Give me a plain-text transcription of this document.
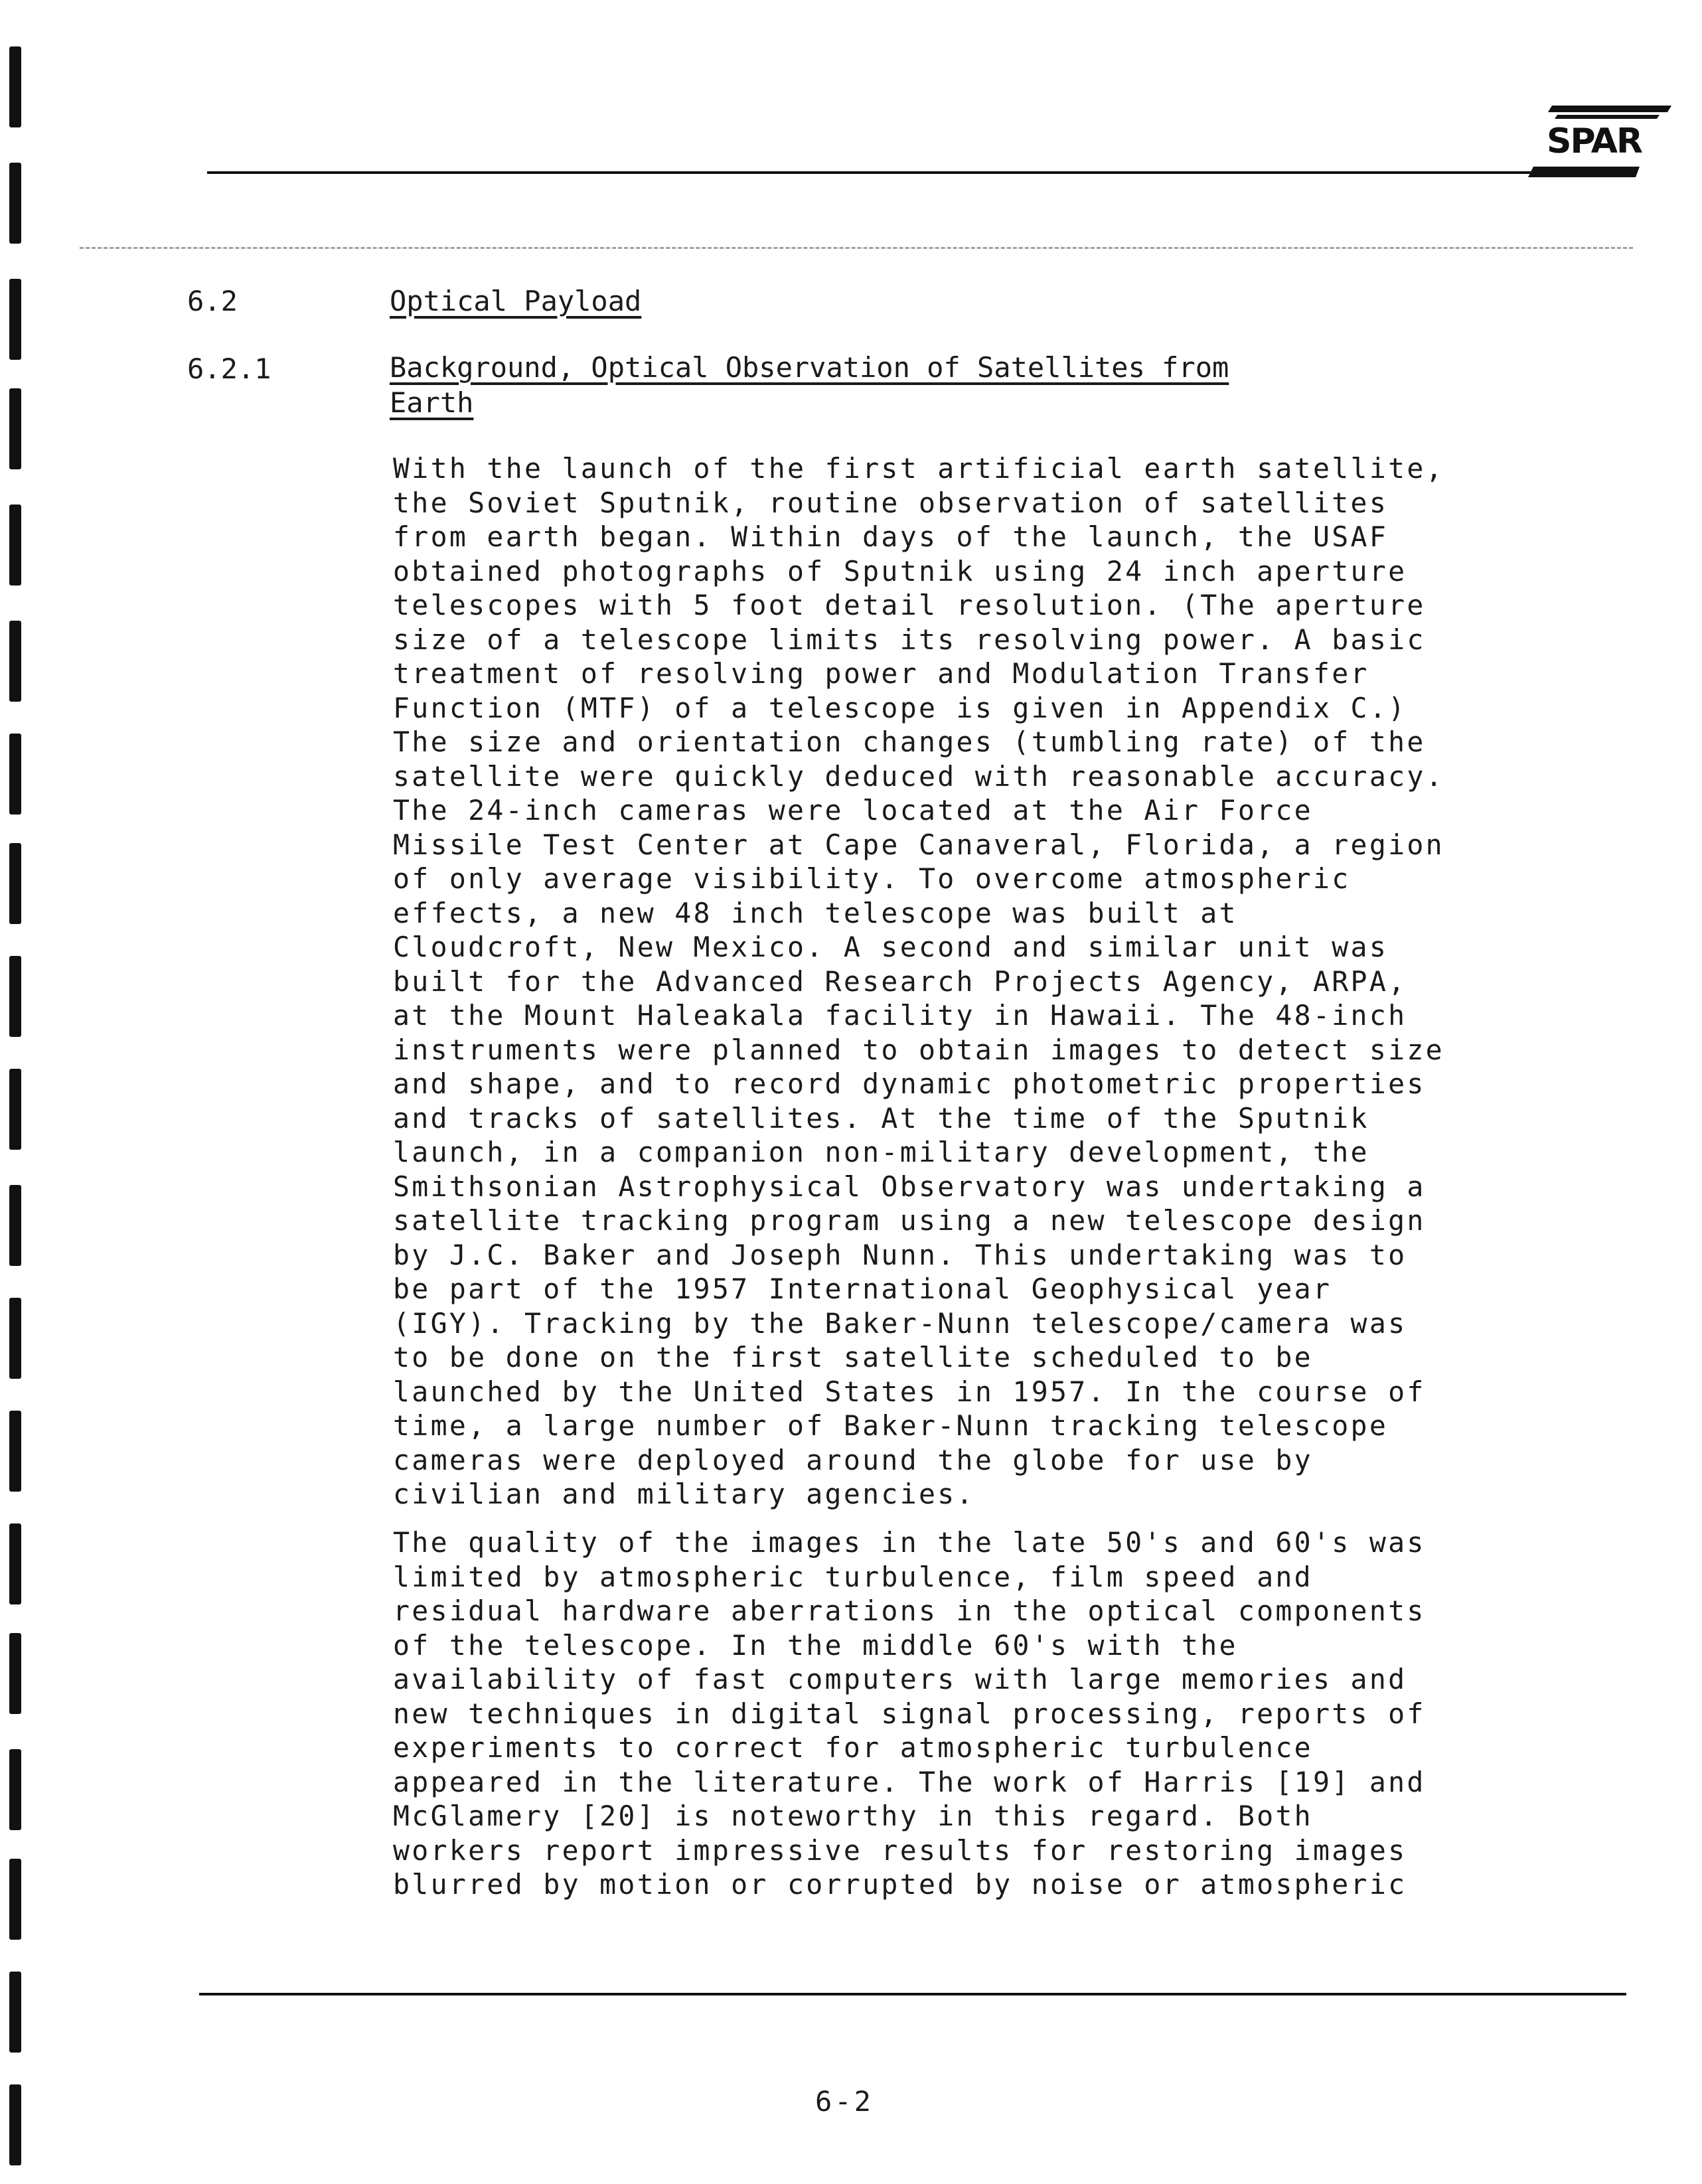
SPAR
6.2	Optical Payload
6.2.1	Background, Optical Observation of Satellites from
Earth

With the launch of the first artificial earth satellite,
the Soviet Sputnik, routine observation of satellites
from earth began. Within days of the launch, the USAF
obtained photographs of Sputnik using 24 inch aperture
telescopes with 5 foot detail resolution. (The aperture
size of a telescope limits its resolving power. A basic
treatment of resolving power and Modulation Transfer
Function (MTF) of a telescope is given in Appendix C.)
The size and orientation changes (tumbling rate) of the
satellite were quickly deduced with reasonable accuracy.
The 24-inch cameras were located at the Air Force
Missile Test Center at Cape Canaveral, Florida, a region
of only average visibility. To overcome atmospheric
effects, a new 48 inch telescope was built at
Cloudcroft, New Mexico. A second and similar unit was
built for the Advanced Research Projects Agency, ARPA,
at the Mount Haleakala facility in Hawaii. The 48-inch
instruments were planned to obtain images to detect size
and shape, and to record dynamic photometric properties
and tracks of satellites. At the time of the Sputnik
launch, in a companion non-military development, the
Smithsonian Astrophysical Observatory was undertaking a
satellite tracking program using a new telescope design
by J.C. Baker and Joseph Nunn. This undertaking was to
be part of the 1957 International Geophysical year
(IGY). Tracking by the Baker-Nunn telescope/camera was
to be done on the first satellite scheduled to be
launched by the United States in 1957. In the course of
time, a large number of Baker-Nunn tracking telescope
cameras were deployed around the globe for use by
civilian and military agencies.

The quality of the images in the late 50's and 60's was
limited by atmospheric turbulence, film speed and
residual hardware aberrations in the optical components
of the telescope. In the middle 60's with the
availability of fast computers with large memories and
new techniques in digital signal processing, reports of
experiments to correct for atmospheric turbulence
appeared in the literature. The work of Harris [19] and
McGlamery [20] is noteworthy in this regard. Both
workers report impressive results for restoring images
blurred by motion or corrupted by noise or atmospheric

6-2
